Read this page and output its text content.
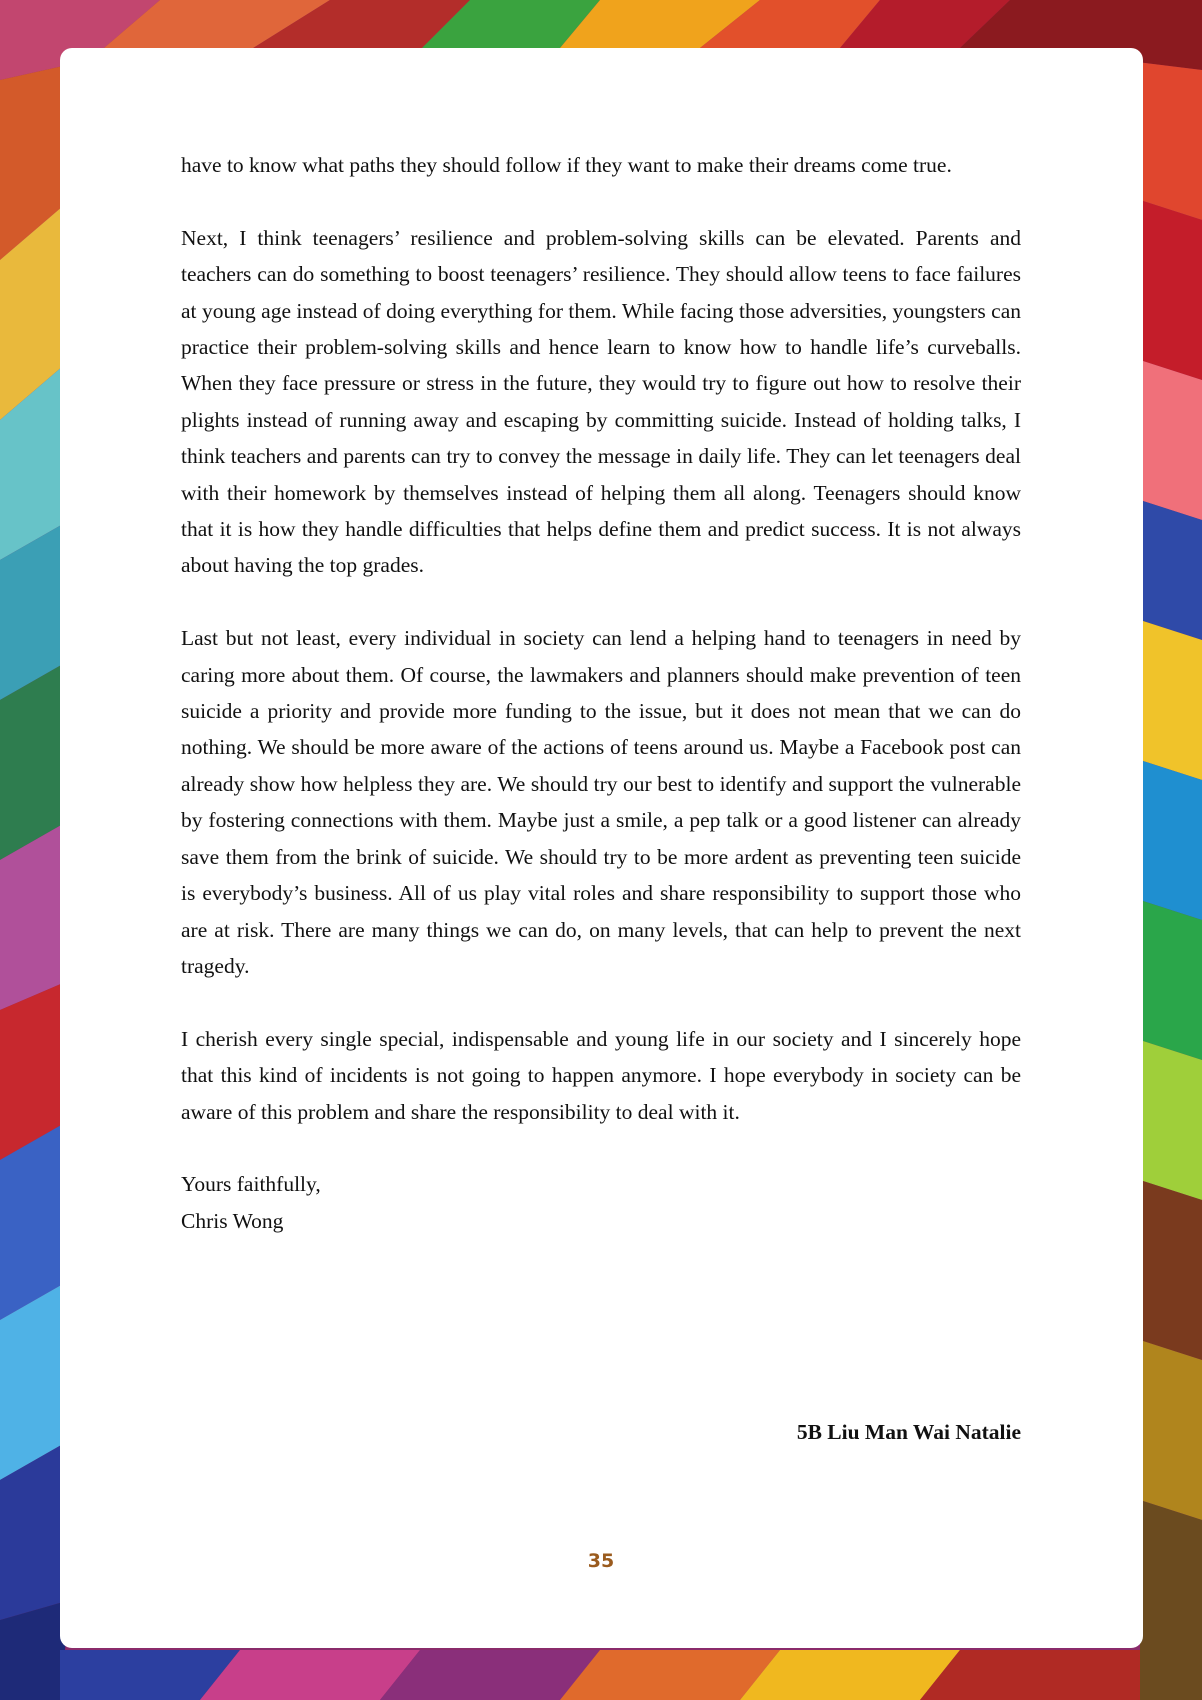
have to know what paths they should follow if they want to make their dreams come true.

Next, I think teenagers’ resilience and problem-solving skills can be elevated. Parents and teachers can do something to boost teenagers’ resilience. They should allow teens to face failures at young age instead of doing everything for them. While facing those adversities, youngsters can practice their problem-solving skills and hence learn to know how to handle life’s curveballs. When they face pressure or stress in the future, they would try to figure out how to resolve their plights instead of running away and escaping by committing suicide. Instead of holding talks, I think teachers and parents can try to convey the message in daily life. They can let teenagers deal with their homework by themselves instead of helping them all along. Teenagers should know that it is how they handle difficulties that helps define them and predict success. It is not always about having the top grades.

Last but not least, every individual in society can lend a helping hand to teenagers in need by caring more about them. Of course, the lawmakers and planners should make prevention of teen suicide a priority and provide more funding to the issue, but it does not mean that we can do nothing. We should be more aware of the actions of teens around us. Maybe a Facebook post can already show how helpless they are. We should try our best to identify and support the vulnerable by fostering connections with them. Maybe just a smile, a pep talk or a good listener can already save them from the brink of suicide. We should try to be more ardent as preventing teen suicide is everybody’s business. All of us play vital roles and share responsibility to support those who are at risk. There are many things we can do, on many levels, that can help to prevent the next tragedy.

I cherish every single special, indispensable and young life in our society and I sincerely hope that this kind of incidents is not going to happen anymore. I hope everybody in society can be aware of this problem and share the responsibility to deal with it.

Yours faithfully,
Chris Wong
5B Liu Man Wai Natalie
35
